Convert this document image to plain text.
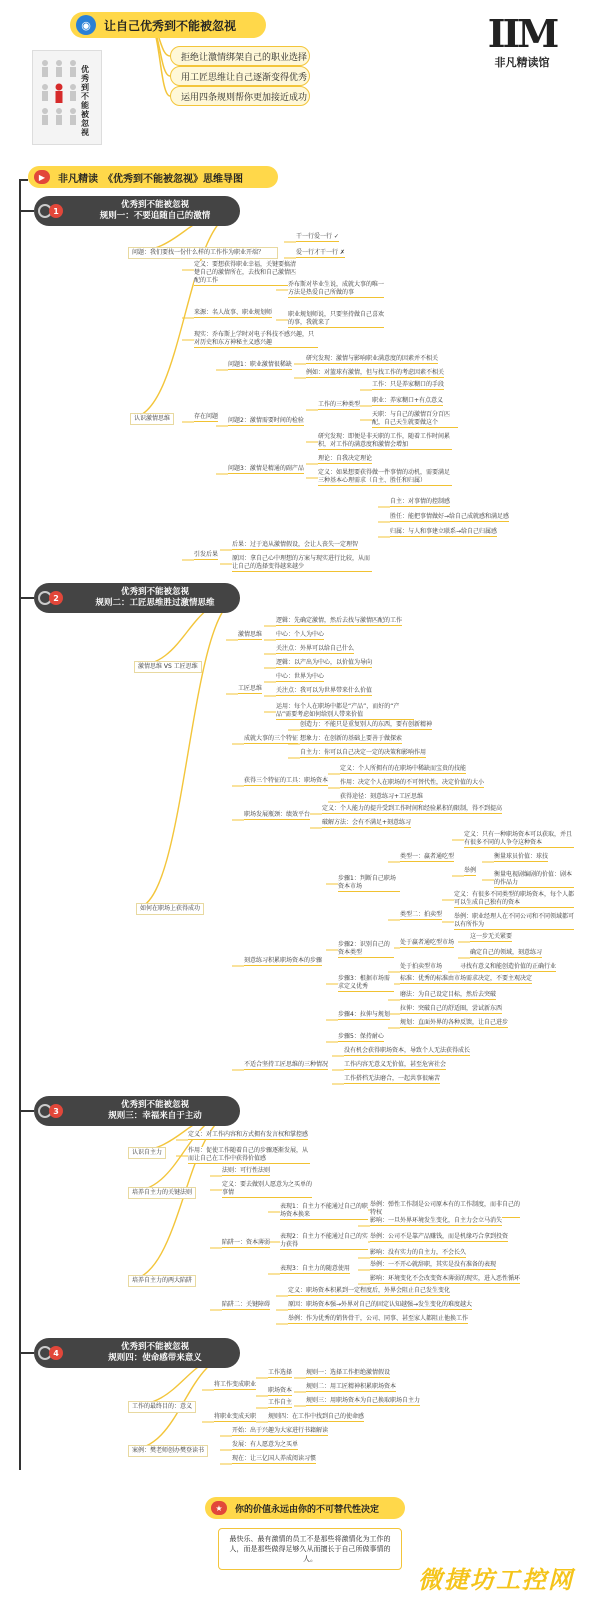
◉	让自己优秀到不能被忽视
拒绝让激情绑架自己的职业选择
用工匠思维让自己逐渐变得优秀
运用四条规则帮你更加接近成功
优秀到不能被忽视
IIM
非凡精读馆
▶	非凡精读　《优秀到不能被忽视》思维导图
1
优秀到不能被忽视
规则一：不要追随自己的激情
2
优秀到不能被忽视
规则二：工匠思维胜过激情思维
3
优秀到不能被忽视
规则三：幸福来自于主动
4
优秀到不能被忽视
规则四：使命感带来意义
问题：我们要找一份什么样的工作作为职业开端？
干一行爱一行 ✓
爱一行才干一行 ✗
认识激情思维
定义：要想获得职业幸福，关键要搞清楚自己的激情所在，去找和自己激情匹配的工作
来源：名人故事、职业规划师
乔布斯对毕业生说，成就大事的唯一方法是热爱自己所做的事
职业规划师说，只要坚持做自己喜欢的事，我就来了
现实：乔布斯上学时对电子科技不感兴趣，只对历史和东方神秘主义感兴趣
存在问题
问题1：职业激情很稀缺
研究发现：激情与影响职业满意度的因素并不相关
例如：对篮球有激情，但与找工作的考虑因素不相关
问题2：激情需要时间的检验
工作的三种类型
工作：只是养家糊口的手段
职业：养家糊口+有点意义
天职：与自己的激情百分百匹配，自己天生就要做这个
研究发现：即便是非天职的工作，随着工作时间累积，对工作的满意度和激情会增加
问题3：激情是精通的副产品
理论：自我决定理论
定义：如果想要获得做一件事情的动机，需要满足三种基本心理需求（自主、胜任和归属）
自主：对事情的控制感
胜任：能把事情做好→给自己成就感和满足感
归属：与人和事建立联系→给自己归属感
引发后果
后果：过于追从激情假设，会让人丧失一定理智
原因：拿自己心中理想的方案与现实进行比较，从而让自己的选择变得越来越少
激情思维 VS 工匠思维
激情思维
逻辑：先确定激情，然后去找与激情匹配的工作
中心：个人为中心
关注点：外界可以给自己什么
工匠思维
逻辑：以产出为中心，以价值为导向
中心：世界为中心
关注点：我可以为世界带来什么价值
运用：每个人在职场中都是“产品”，而好的“产品”需要考虑如何给别人带来价值
如何在职场上获得成功
成就大事的三个特征
创造力：不能只是重复别人的东西，要有创新精神
想象力：在创新的基础上要善于做探索
自主力：你可以自己决定一定的决策和影响作用
获得三个特征的工具：职场资本
定义：个人所拥有的在职场中稀缺而宝贵的技能
作用：决定个人在职场的不可替代性，决定价值的大小
获得途径：刻意练习+工匠思维
职场发展瓶颈：绩效平台
定义：个人能力的提升受到工作时间和经验累积的限制，得不到提高
破解方法：会有不满足+刻意练习
刻意练习积累职场资本的步骤
步骤1：判断自己职场资本市场
类型一：赢者通吃型
定义：只有一种职场资本可以获取，并且有很多不同的人争夺这种资本
举例
衡量球员价值：球技
衡量电视剧编剧的价值：剧本的作品力
类型二：拍卖型
定义：有很多不同类型的职场资本，每个人都可以生成自己独有的资本
举例：职业经理人在不同公司和不同领域都可以有所作为
步骤2：识别自己的资本类型
处于赢者通吃型市场
这一步无关紧要
确定自己的领域，刻意练习
处于拍卖型市场	寻找有意义和能创造价值的正确行业
步骤3：根据市场需求定义优秀
标准：优秀的标准由市场需求决定，不要主观决定
磨法：为自己设定目标，然后去突破
步骤4：拉伸与规划
拉伸：突破自己的舒适圈，尝试新东西
规划：直面外界的各种反馈，让自己进步
步骤5：保持耐心
不适合坚持工匠思维的三种情况
没有机会获得职场资本，导致个人无法获得成长
工作内容无意义无价值，甚至危害社会
工作搭档无法磨合，一起共事很痛苦
认识自主力
定义：对工作内容和方式拥有发言权和掌控感
作用：促使工作随着自己的步骤逐渐发展，从而让自己在工作中获得价值感
培养自主力的关键法则
法则：可行性法则
定义：要去做别人愿意为之买单的事情
培养自主力的两大陷阱
陷阱一：资本薄弱
表现1：自主力不能通过自己的职场资本换来
举例：弹性工作制是公司原本有的工作制度，而非自己的特权
影响：一旦外界环境发生变化，自主力会立马消失
表现2：自主力不能通过自己的实力获得
举例：公司不是靠产品赚钱，而是机缘巧合拿到投资
影响：没有实力的自主力，不会长久
表现3：自主力的随意使用
举例：一不开心就辞职，其实是没有准备的表现
影响：环境变化不会改变资本薄弱的现实，进入恶性循环
陷阱二：关键障碍
定义：职场资本积累到一定程度后，外界会阻止自己发生变化
原因：职场资本强→外界对自己的固定认知越强→发生变化的难度越大
举例：作为优秀的销售骨干，公司、同事、甚至家人都阻止他换工作
工作的最终目的：意义
将工作变成职业
工作选择 规则一：选择工作拒绝激情假设
职场资本
规则二：用工匠精神积累职场资本
工作自主 规则三：用职场资本为自己换取职场自主力
将职业变成天职 规则四：在工作中找到自己的使命感
案例：樊老师创办樊登读书
开始：出于兴趣为大家进行书籍解读
发展：有人愿意为之买单
现在：让三亿国人养成阅读习惯
★	你的价值永远由你的不可替代性决定
最快乐、最有激情的员工不是那些将激情化为工作的人，而是那些做得足够久从而擅长于自己所做事情的人。
微捷坊工控网
